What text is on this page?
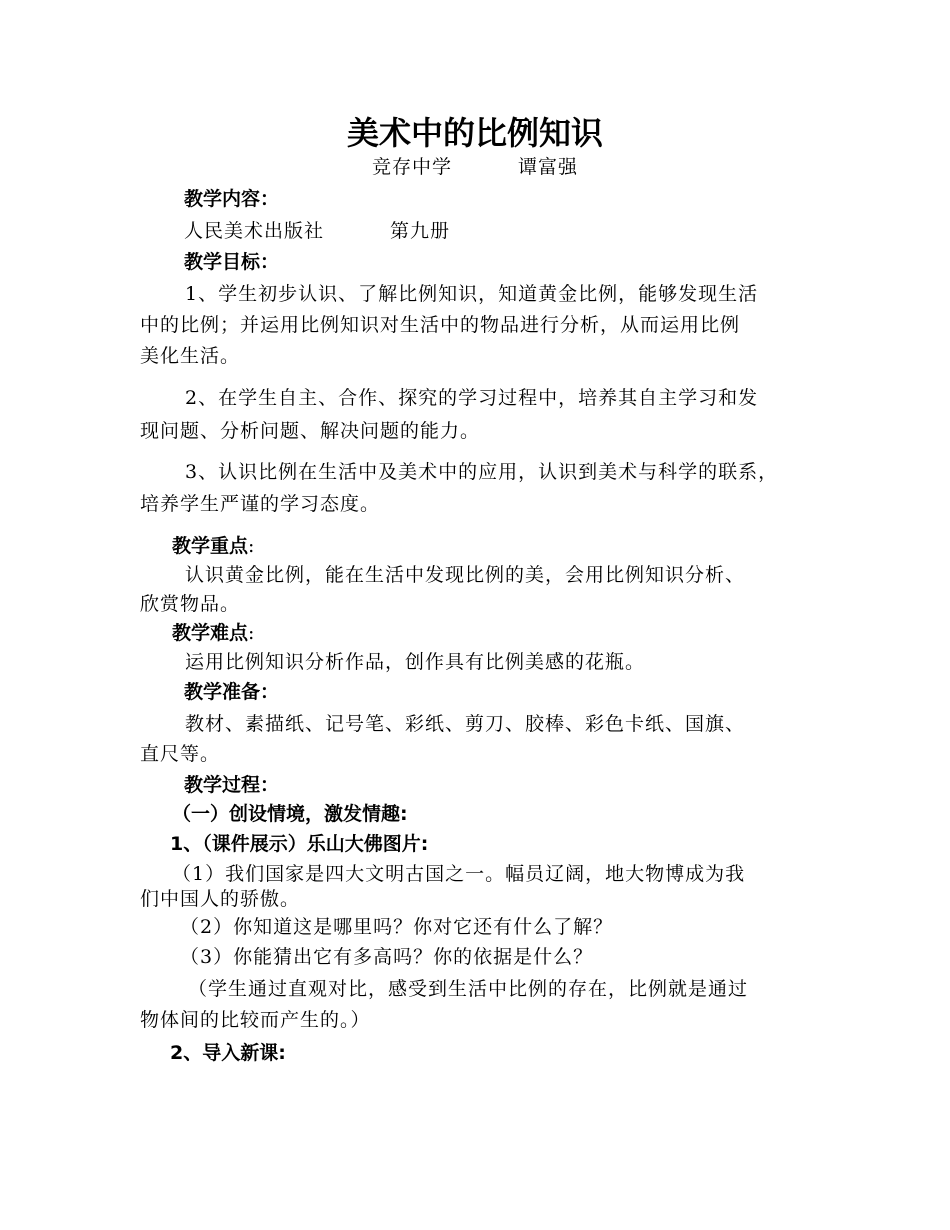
美术中的比例知识
竞存中学	谭富强
教学内容：
人民美术出版社	第九册
教学目标：
1、学生初步认识、了解比例知识，知道黄金比例，能够发现生活
中的比例；并运用比例知识对生活中的物品进行分析，从而运用比例
美化生活。
2、在学生自主、合作、探究的学习过程中，培养其自主学习和发
现问题、分析问题、解决问题的能力。
3、认识比例在生活中及美术中的应用，认识到美术与科学的联系，
培养学生严谨的学习态度。
教学重点:
认识黄金比例，能在生活中发现比例的美，会用比例知识分析、
欣赏物品。
教学难点:
运用比例知识分析作品，创作具有比例美感的花瓶。
教学准备：
教材、素描纸、记号笔、彩纸、剪刀、胶棒、彩色卡纸、国旗、
直尺等。
教学过程：
（一）创设情境，激发情趣:
1、（课件展示）乐山大佛图片:
（1）我们国家是四大文明古国之一。幅员辽阔，地大物博成为我
们中国人的骄傲。
（2）你知道这是哪里吗？你对它还有什么了解？
（3）你能猜出它有多高吗？你的依据是什么？
（学生通过直观对比，感受到生活中比例的存在，比例就是通过
物体间的比较而产生的。）
2、导入新课:
